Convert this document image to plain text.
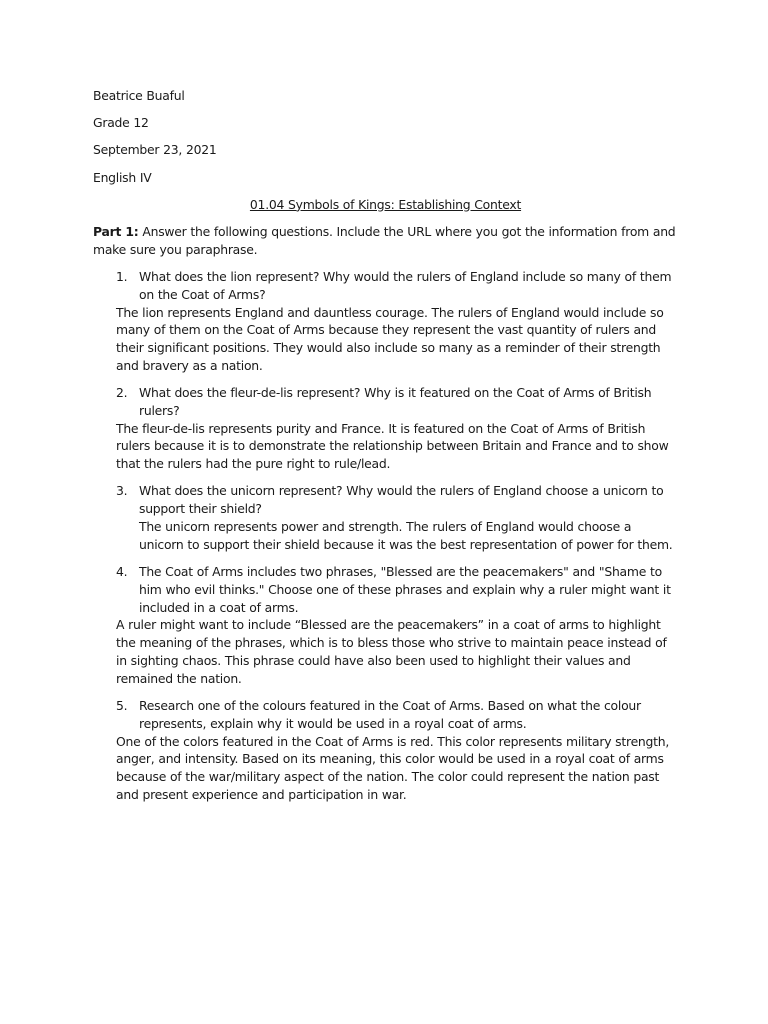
Beatrice Buaful
Grade 12
September 23, 2021
English IV
01.04 Symbols of Kings: Establishing Context
Part 1: Answer the following questions. Include the URL where you got the information from and make sure you paraphrase.
1. What does the lion represent? Why would the rulers of England include so many of them on the Coat of Arms?
The lion represents England and dauntless courage. The rulers of England would include so many of them on the Coat of Arms because they represent the vast quantity of rulers and their significant positions. They would also include so many as a reminder of their strength and bravery as a nation.
2. What does the fleur-de-lis represent? Why is it featured on the Coat of Arms of British rulers?
The fleur-de-lis represents purity and France. It is featured on the Coat of Arms of British rulers because it is to demonstrate the relationship between Britain and France and to show that the rulers had the pure right to rule/lead.
3. What does the unicorn represent? Why would the rulers of England choose a unicorn to support their shield?
The unicorn represents power and strength. The rulers of England would choose a unicorn to support their shield because it was the best representation of power for them.
4. The Coat of Arms includes two phrases, "Blessed are the peacemakers" and "Shame to him who evil thinks." Choose one of these phrases and explain why a ruler might want it included in a coat of arms.
A ruler might want to include “Blessed are the peacemakers” in a coat of arms to highlight the meaning of the phrases, which is to bless those who strive to maintain peace instead of in sighting chaos. This phrase could have also been used to highlight their values and remained the nation.
5. Research one of the colours featured in the Coat of Arms. Based on what the colour represents, explain why it would be used in a royal coat of arms.
One of the colors featured in the Coat of Arms is red. This color represents military strength, anger, and intensity. Based on its meaning, this color would be used in a royal coat of arms because of the war/military aspect of the nation. The color could represent the nation past and present experience and participation in war.
